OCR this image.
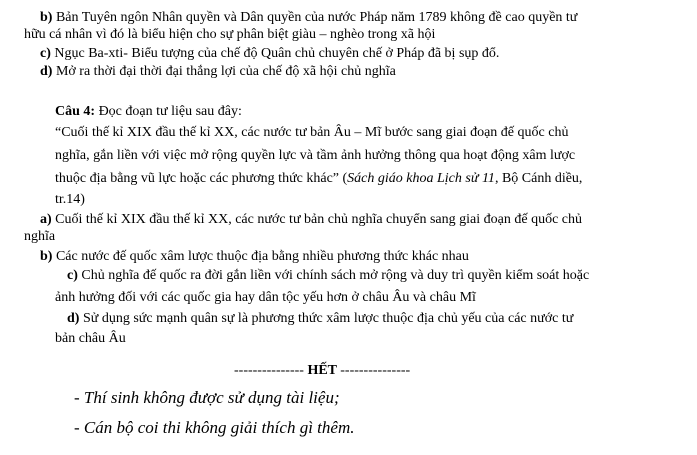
b) Bản Tuyên ngôn Nhân quyền và Dân quyền của nước Pháp năm 1789 không đề cao quyền tư
hữu cá nhân vì đó là biểu hiện cho sự phân biệt giàu – nghèo trong xã hội
c) Ngục Ba-xti- Biểu tượng của chế độ Quân chủ chuyên chế ở Pháp đã bị sụp đổ.
d) Mở ra thời đại thời đại thắng lợi của chế độ xã hội chủ nghĩa
Câu 4: Đọc đoạn tư liệu sau đây:
“Cuối thế kỉ XIX đầu thế kỉ XX, các nước tư bản Âu – Mĩ bước sang giai đoạn đế quốc chủ
nghĩa, gắn liền với việc mở rộng quyền lực và tầm ảnh hưởng thông qua hoạt động xâm lược
thuộc địa bằng vũ lực hoặc các phương thức khác” (Sách giáo khoa Lịch sử 11, Bộ Cánh diều,
tr.14)
a) Cuối thế kỉ XIX đầu thế kỉ XX, các nước tư bản chủ nghĩa chuyển sang giai đoạn đế quốc chủ
nghĩa
b) Các nước đế quốc xâm lược thuộc địa bằng nhiều phương thức khác nhau
c) Chủ nghĩa đế quốc ra đời gắn liền với chính sách mở rộng và duy trì quyền kiểm soát hoặc
ảnh hưởng đối với các quốc gia hay dân tộc yếu hơn ở châu Âu và châu Mĩ
d) Sử dụng sức mạnh quân sự là phương thức xâm lược thuộc địa chủ yếu của các nước tư
bản châu Âu
--------------- HẾT ---------------
- Thí sinh không được sử dụng tài liệu;
- Cán bộ coi thi không giải thích gì thêm.
